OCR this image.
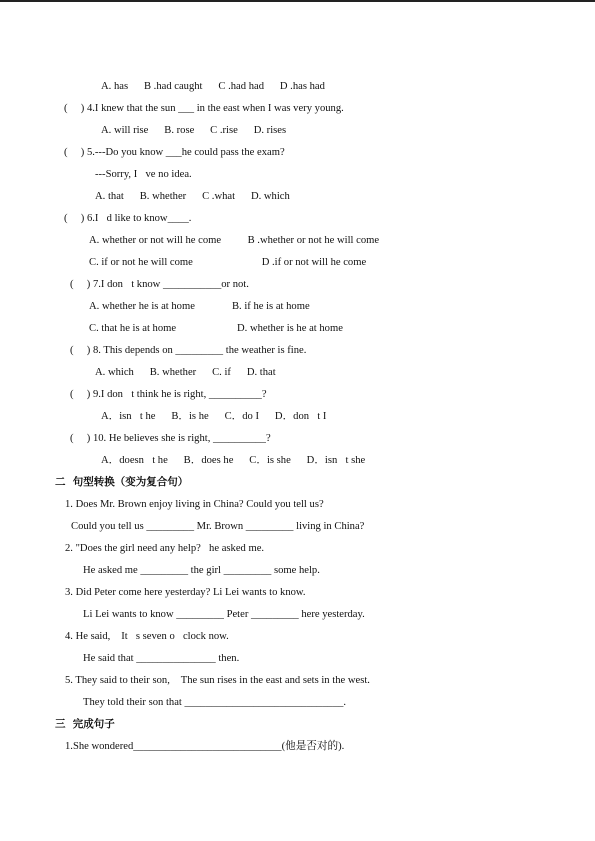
A. has      B .had caught      C .had had      D .has had
(     ) 4.I knew that the sun ___ in the east when I was very young.
A. will rise      B. rose      C .rise      D. rises
(     ) 5.---Do you know ___he could pass the exam?
---Sorry, I ve no idea.
A. that      B. whether      C .what      D. which
(     ) 6.I d like to know____.
A. whether or not will he come          B .whether or not he will come
C. if or not he will come                          D .if or not will he come
(     ) 7.I don t know ___________or not.
A. whether he is at home              B. if he is at home
C. that he is at home                       D. whether is he at home
(     ) 8. This depends on _________ the weather is fine.
A. which      B. whether      C. if      D. that
(     ) 9.I don t think he is right, __________?
A．isn t he      B．is he      C．do I      D．don t I
(     ) 10. He believes she is right, __________?
A．doesn t he      B．does he      C．is she      D．isn t she
二  句型转换（变为复合句）
1. Does Mr. Brown enjoy living in China? Could you tell us?
Could you tell us _________ Mr. Brown _________ living in China?
2. "Does the girl need any help? he asked me.
He asked me _________ the girl _________ some help.
3. Did Peter come here yesterday? Li Lei wants to know.
Li Lei wants to know _________ Peter _________ here yesterday.
4. He said,  It s seven o clock now. 
He said that _______________ then.
5. They said to their son,  The sun rises in the east and sets in the west.
They told their son that ______________________________.
三  完成句子
1.She wondered____________________________(他是否对的).
